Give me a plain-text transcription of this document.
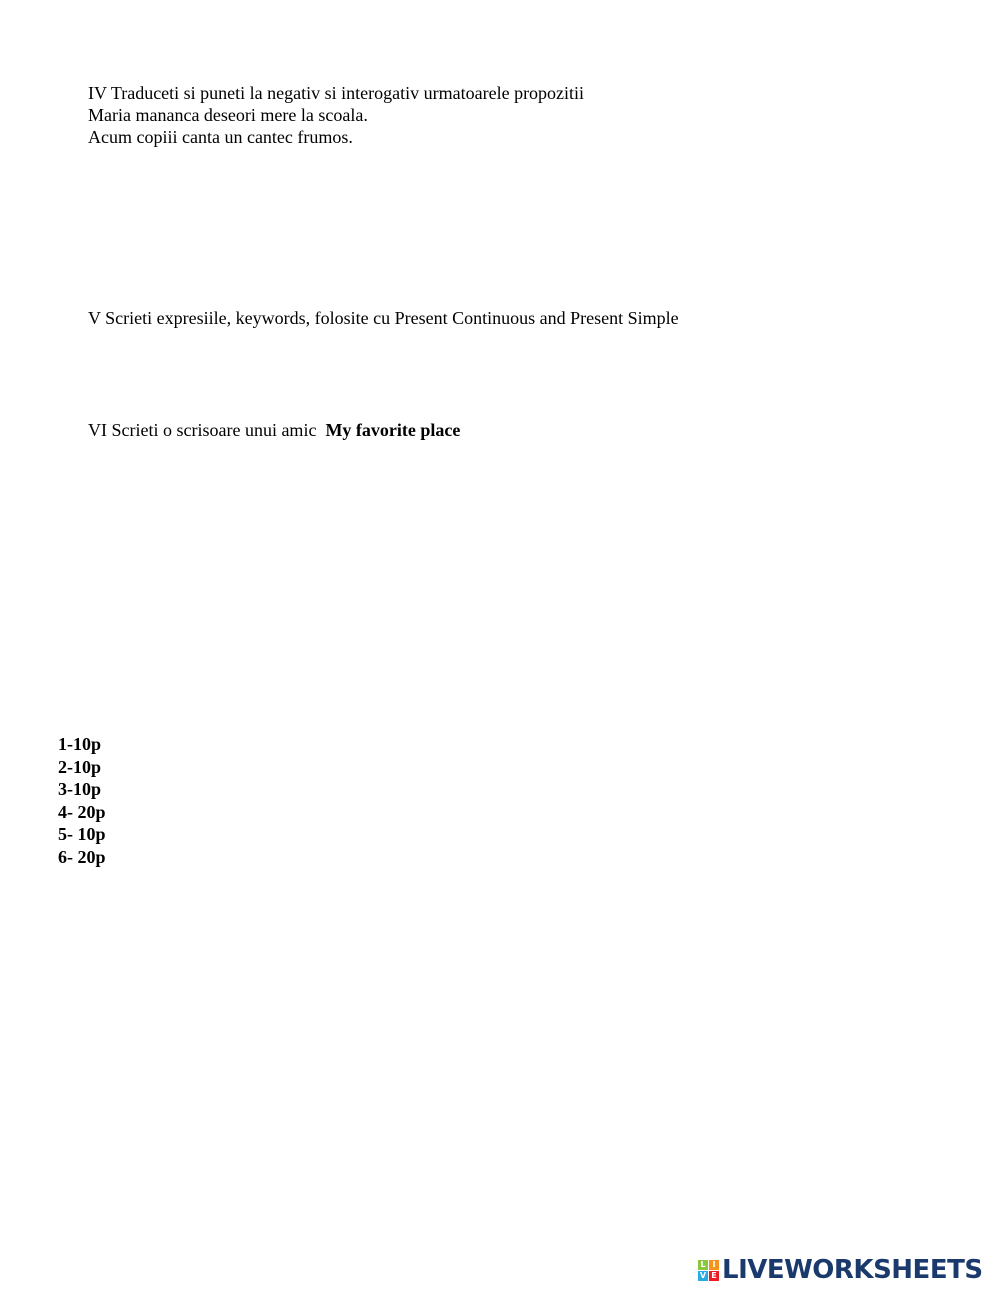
IV Traduceti si puneti la negativ si interogativ urmatoarele propozitii
Maria mananca deseori mere la scoala.
Acum copiii canta un cantec frumos.
V Scrieti expresiile, keywords, folosite cu Present Continuous and Present Simple
VI Scrieti o scrisoare unui amic My favorite place
1-10p
2-10p
3-10p
4- 20p
5- 10p
6- 20p
L I
V E LIVEWORKSHEETS
